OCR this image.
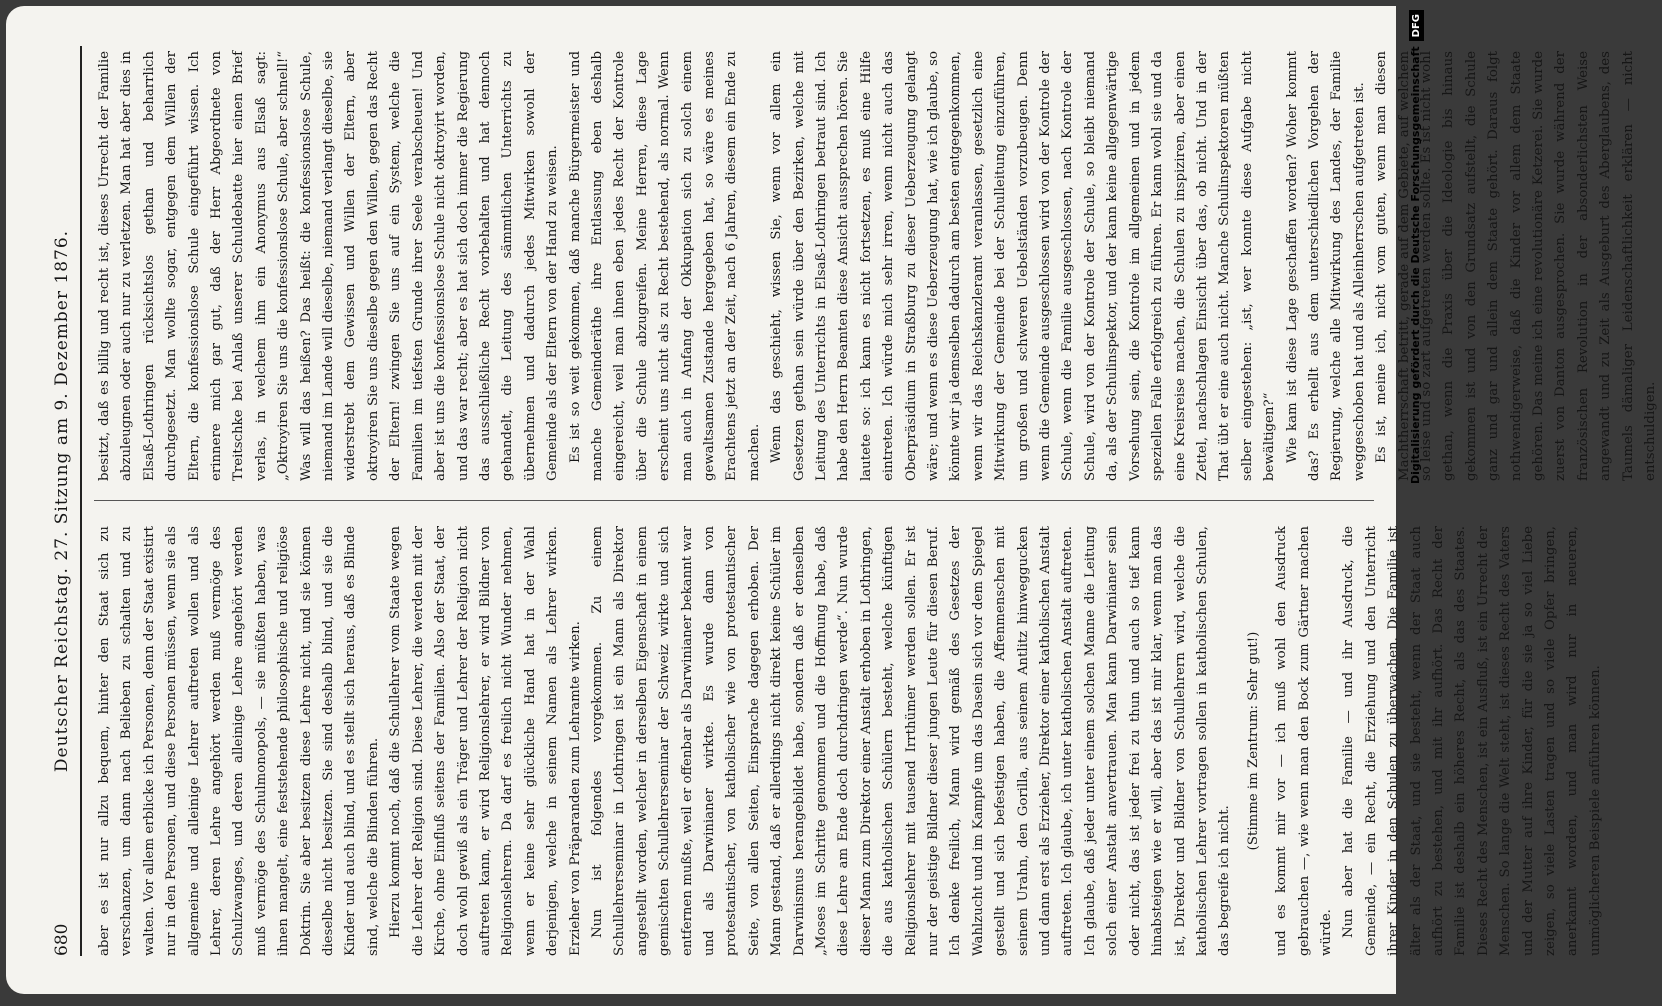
680
Deutscher Reichstag. 27. Sitzung am 9. Dezember 1876. aber es ist nur allzu bequem, hinter den Staat sich zu verschanzen, um dann nach Belieben zu schalten und zu walten. Vor allem erblicke ich Personen, denn der Staat existirt nur in den Personen, und diese Personen müssen, wenn sie als allgemeine und alleinige Lehrer auftreten wollen und als Lehrer, deren Lehre angehört werden muß vermöge des Schulzwanges, und deren alleinige Lehre angehört werden muß vermöge des Schulmonopols, — sie müßten haben, was ihnen mangelt, eine feststehende philosophische und religiöse Doktrin. Sie aber besitzen diese Lehre nicht, und sie können dieselbe nicht besitzen. Sie sind deshalb blind, und sie die Kinder und auch blind, und es stellt sich heraus, daß es Blinde sind, welche die Blinden führen. Hierzu kommt noch, daß die Schullehrer vom Staate wegen die Lehrer der Religion sind. Diese Lehrer, die werden mit der Kirche, ohne Einfluß seitens der Familien. Also der Staat, der doch wohl gewiß als ein Träger und Lehrer der Religion nicht auftreten kann, er wird Religionslehrer, er wird Bildner von Religionslehrern. Da darf es freilich nicht Wunder nehmen, wenn er keine sehr glückliche Hand hat in der Wahl derjenigen, welche in seinem Namen als Lehrer wirken. Erzieher von Präparanden zum Lehramte wirken. Nun ist folgendes vorgekommen. Zu einem Schullehrerseminar in Lothringen ist ein Mann als Direktor angestellt worden, welcher in derselben Eigenschaft in einem gemischten Schullehrerseminar der Schweiz wirkte und sich entfernen mußte, weil er offenbar als Darwinianer bekannt war und als Darwinianer wirkte. Es wurde dann von protestantischer, von katholischer wie von protestantischer Seite, von allen Seiten, Einsprache dagegen erhoben. Der Mann gestand, daß er allerdings nicht direkt keine Schüler im Darwinismus herangebildet habe, sondern daß er denselben „Moses im Schritte genommen und die Hoffnung habe, daß diese Lehre am Ende doch durchdringen werde“. Nun wurde dieser Mann zum Direktor einer Anstalt erhoben in Lothringen, die aus katholischen Schülern besteht, welche künftigen Religionslehrer mit tausend Irrthümer werden sollen. Er ist nur der geistige Bildner dieser jungen Leute für diesen Beruf. Ich denke freilich, Mann wird gemäß des Gesetzes der Wahlzucht und im Kampfe um das Dasein sich vor dem Spiegel gestellt und sich befestigen haben, die Affenmenschen mit seinem Urahn, den Gorilla, aus seinem Antlitz hinweggucken und dann erst als Erzieher, Direktor einer katholischen Anstalt auftreten. Ich glaube, ich unter katholischen Anstalt auftreten. Ich glaube, daß jeder unter einem solchen Manne die Leitung solch einer Anstalt anvertrauen. Man kann Darwinianer sein oder nicht, das ist jeder frei zu thun und auch so tief kann hinabsteigen wie er will, aber das ist mir klar, wenn man das ist, Direktor und Bildner von Schullehrern wird, welche die katholischen Lehrer vortragen sollen in katholischen Schulen, das begreife ich nicht.

(Stimme im Zentrum: Sehr gut!)	und es kommt mir vor — ich muß wohl den Ausdruck gebrauchen —, wie wenn man den Bock zum Gärtner machen würde. Nun aber hat die Familie — und ihr Ausdruck, die Gemeinde, — ein Recht, die Erziehung und den Unterricht ihrer Kinder in den Schulen zu überwachen. Die Familie ist älter als der Staat, und sie besteht, wenn der Staat auch aufhört zu bestehen, und mit ihr aufhört. Das Recht der Familie ist deshalb ein höheres Recht, als das des Staates. Dieses Recht des Menschen, ist ein Ausfluß, ist ein Urrecht der Menschen. So lange die Welt steht, ist dieses Recht des Vaters und der Mutter auf ihre Kinder, für die sie ja so viel Liebe zeigen, so viele Lasten tragen und so viele Opfer bringen, anerkannt worden, und man wird nur in neueren, unmöglicheren Beispiele anführen können.

besitzt, daß es billig und recht ist, dieses Urrecht der Familie abzuleugnen oder auch nur zu verletzen. Man hat aber dies in Elsaß-Lothringen rücksichtslos gethan und beharrlich durchgesetzt. Man wollte sogar, entgegen dem Willen der Eltern, die konfessionslose Schule eingeführt wissen. Ich erinnere mich gar gut, daß der Herr Abgeordnete von Treitschke bei Anlaß unserer Schuldebatte hier einen Brief verlas, in welchem ihm ein Anonymus aus Elsaß sagt: „Oktroyiren Sie uns die konfessionslose Schule, aber schnell!“ Was will das heißen? Das heißt: die konfessionslose Schule, niemand im Lande will dieselbe, niemand verlangt dieselbe, sie widerstrebt dem Gewissen und Willen der Eltern, aber oktroyiren Sie uns dieselbe gegen den Willen, gegen das Recht der Eltern! zwingen Sie uns auf ein System, welche die Familien im tiefsten Grunde ihrer Seele verabscheuen! Und aber ist uns die konfessionslose Schule nicht oktroyirt worden, und das war recht; aber es hat sich doch immer die Regierung das ausschließliche Recht vorbehalten und hat dennoch gehandelt, die Leitung des sämmtlichen Unterrichts zu übernehmen und dadurch jedes Mitwirken sowohl der Gemeinde als der Eltern von der Hand zu weisen. Es ist so weit gekommen, daß manche Bürgermeister und manche Gemeinderäthe ihre Entlassung eben deshalb eingereicht, weil man ihnen eben jedes Recht der Kontrole über die Schule abzugreifen. Meine Herren, diese Lage erscheint uns nicht als zu Recht bestehend, als normal. Wenn man auch in Anfang der Okkupation sich zu solch einem gewaltsamen Zustande hergegeben hat, so wäre es meines Erachtens jetzt an der Zeit, nach 6 Jahren, diesem ein Ende zu machen. Wenn das geschieht, wissen Sie, wenn vor allem ein Gesetzen gethan sein würde über den Bezirken, welche mit Leitung des Unterrichts in Elsaß-Lothringen betraut sind. Ich habe den Herrn Beamten diese Ansicht aussprechen hören. Sie lautete so: ich kann es nicht fortsetzen, es muß eine Hilfe eintreten. Ich würde mich sehr irren, wenn nicht auch das Oberpräsidium in Straßburg zu dieser Ueberzeugung gelangt wäre; und wenn es diese Ueberzeugung hat, wie ich glaube, so könnte wir ja demselben dadurch am besten entgegenkommen, wenn wir das Reichskanzleramt veranlassen, gesetzlich eine Mitwirkung der Gemeinde bei der Schulleitung einzuführen, um großen und schweren Uebelständen vorzubeugen. Denn wenn die Gemeinde ausgeschlossen wird von der Kontrole der Schule, wenn die Familie ausgeschlossen, nach Kontrole der Schule, wird von der Kontrole der Schule, so bleibt niemand da, als der Schulinspektor, und der kann keine allgegenwärtige Vorsehung sein, die Kontrole im allgemeinen und in jedem speziellen Falle erfolgreich zu führen. Er kann wohl sie und da eine Kreisreise machen, die Schulen zu inspiziren, aber einen Zettel, nachschlagen Einsicht über das, ob nicht. Und in der That übt er eine auch nicht. Manche Schulinspektoren müßten selber eingestehen: „ist, wer konnte diese Aufgabe nicht bewältigen?“ Wie kam ist diese Lage geschaffen worden? Woher kommt das? Es erhellt aus dem unterschiedlichen Vorgehen der Regierung, welche alle Mitwirkung des Landes, der Familie weggeschoben hat und als Alleinherrschen aufgetreten ist. Es ist, meine ich, nicht vom guten, wenn man diesen Machtherrschaft betritt, gerade auf dem Gebiete, auf welchem so leise und so zart aufgetreten werden sollte. Es ist nicht wohl gethan, wenn die Praxis über die Ideologie bis hinaus gekommen ist und von den Grundsatz aufstellt, die Schule ganz und gar und allein dem Staate gehört. Daraus folgt nothwendigerweise, daß die Kinder vor allem dem Staate gehören. Das meine ich eine revolutionäre Ketzerei. Sie wurde zuerst von Danton ausgesprochen. Sie wurde während der französischen Revolution in der absonderlichsten Weise angewandt und zu Zeit als Ausgeburt des Aberglaubens, des Taumels dämaliger Leidenschaftlichkeit erklären — nicht entschuldigen.

Digitalisierung gefördert durch die Deutsche ForschungsgemeinschaftDFG
